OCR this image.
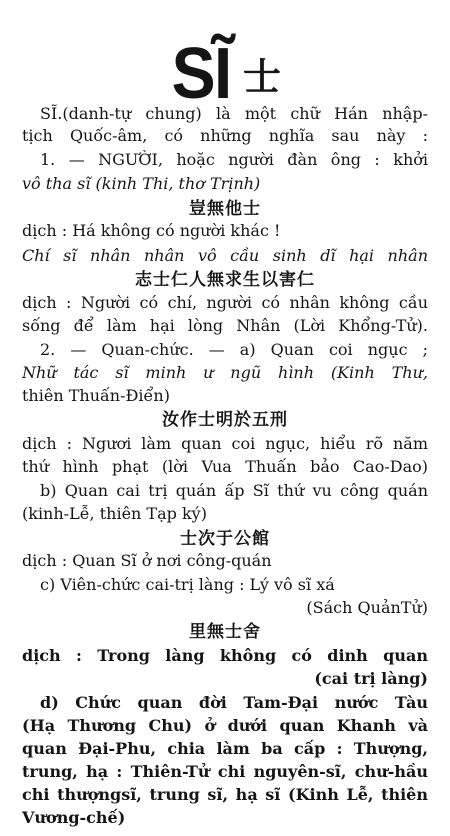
SĨ 士

SĨ.(danh-tự chung) là một chữ Hán nhập-

tịch Quốc-âm, có những nghĩa sau này :

1. — NGƯỜI, hoặc người đàn ông : khởi

vô tha sĩ (kinh Thi, thơ Trịnh)

豈無他士

dịch : Há không có người khác !

Chí sĩ nhân nhân vô cầu sinh dĩ hại nhân

志士仁人無求生以害仁

dịch : Người có chí, người có nhân không cầu

sống để làm hại lòng Nhân (Lời Khổng-Tử).

2. — Quan-chức. — a) Quan coi ngục ;

Nhữ tác sĩ minh ư ngũ hình (Kinh Thư,

thiên Thuấn-Điển)

汝作士明於五刑

dịch : Ngươi làm quan coi ngục, hiểu rõ năm

thứ hình phạt (lời Vua Thuấn bảo Cao-Dao)

b) Quan cai trị quán ấp Sĩ thứ vu công quán

(kinh-Lễ, thiên Tạp ký)

士次于公館

dịch : Quan Sĩ ở nơi công-quán

c) Viên-chức cai-trị làng : Lý vô sĩ xá

(Sách QuảnTử)

里無士舍

dịch : Trong làng không có dinh quan

(cai trị làng)

d) Chức quan đời Tam-Đại nước Tàu

(Hạ Thương Chu) ở dưới quan Khanh và

quan Đại-Phu, chia làm ba cấp : Thượng,

trung, hạ : Thiên-Tử chi nguyên-sĩ, chư-hầu

chi thượngsĩ, trung sĩ, hạ sĩ (Kinh Lễ, thiên

Vương-chế)
